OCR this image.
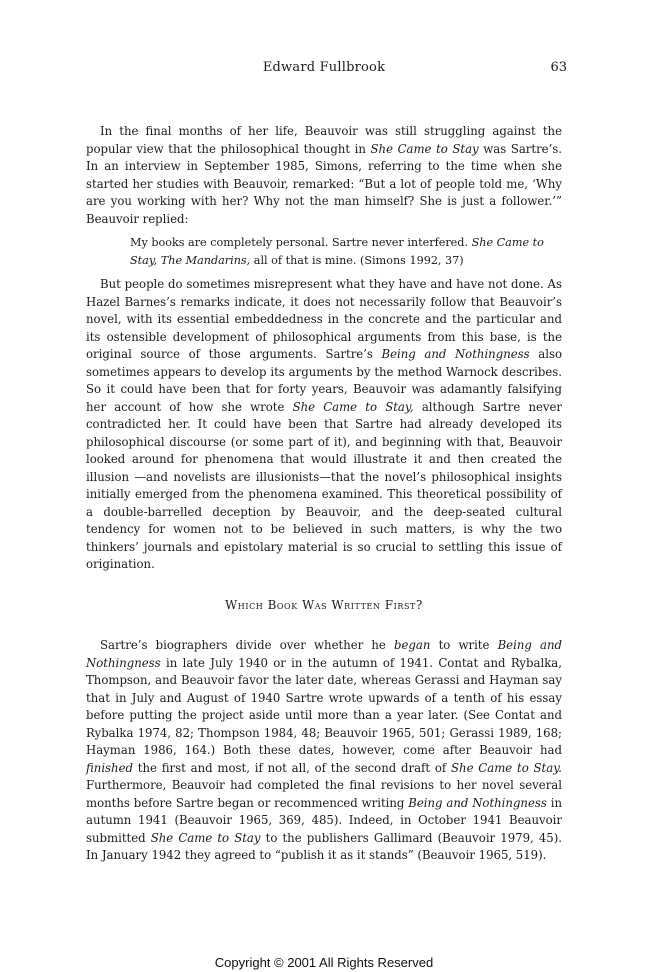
Edward Fullbrook	63

In the final months of her life, Beauvoir was still struggling against the popular view that the philosophical thought in She Came to Stay was Sartre’s. In an interview in September 1985, Simons, referring to the time when she started her studies with Beauvoir, remarked: “But a lot of people told me, ‘Why are you working with her? Why not the man himself? She is just a follower.’” Beauvoir replied:

My books are completely personal. Sartre never interfered. She Came to Stay, The Mandarins, all of that is mine. (Simons 1992, 37)

But people do sometimes misrepresent what they have and have not done. As Hazel Barnes’s remarks indicate, it does not necessarily follow that Beauvoir’s novel, with its essential embeddedness in the concrete and the particular and its ostensible development of philosophical arguments from this base, is the original source of those arguments. Sartre’s Being and Nothingness also sometimes appears to develop its arguments by the method Warnock describes. So it could have been that for forty years, Beauvoir was adamantly falsifying her account of how she wrote She Came to Stay, although Sartre never contradicted her. It could have been that Sartre had already developed its philosophical discourse (or some part of it), and beginning with that, Beauvoir looked around for phenomena that would illustrate it and then created the illusion —and novelists are illusionists—that the novel’s philosophical insights initially emerged from the phenomena examined. This theoretical possibility of a double-barrelled deception by Beauvoir, and the deep-seated cultural tendency for women not to be believed in such matters, is why the two thinkers’ journals and epistolary material is so crucial to settling this issue of origination.

Which Book Was Written First?

Sartre’s biographers divide over whether he began to write Being and Nothingness in late July 1940 or in the autumn of 1941. Contat and Rybalka, Thompson, and Beauvoir favor the later date, whereas Gerassi and Hayman say that in July and August of 1940 Sartre wrote upwards of a tenth of his essay before putting the project aside until more than a year later. (See Contat and Rybalka 1974, 82; Thompson 1984, 48; Beauvoir 1965, 501; Gerassi 1989, 168; Hayman 1986, 164.) Both these dates, however, come after Beauvoir had finished the first and most, if not all, of the second draft of She Came to Stay. Furthermore, Beauvoir had completed the final revisions to her novel several months before Sartre began or recommenced writing Being and Nothingness in autumn 1941 (Beauvoir 1965, 369, 485). Indeed, in October 1941 Beauvoir submitted She Came to Stay to the publishers Gallimard (Beauvoir 1979, 45). In January 1942 they agreed to “publish it as it stands” (Beauvoir 1965, 519).

Copyright © 2001 All Rights Reserved
